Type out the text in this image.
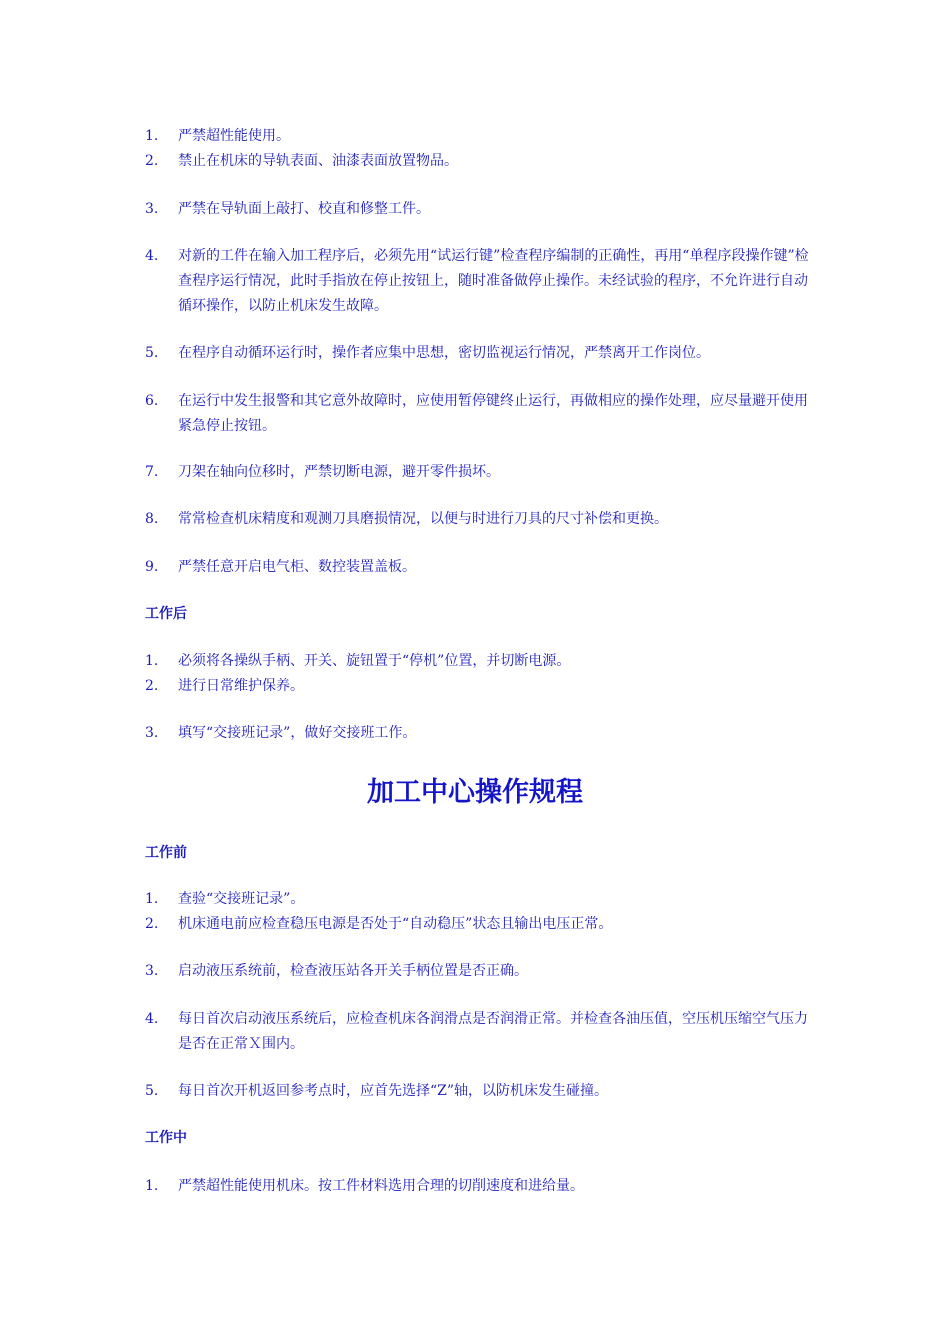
1.	严禁超性能使用。
2.	禁止在机床的导轨表面、油漆表面放置物品。
3.	严禁在导轨面上敲打、校直和修整工件。
4.	对新的工件在输入加工程序后，必须先用“试运行键”检查程序编制的正确性，再用“单程序段操作键”检查程序运行情况，此时手指放在停止按钮上，随时准备做停止操作。未经试验的程序，不允许进行自动循环操作，以防止机床发生故障。
5.	在程序自动循环运行时，操作者应集中思想，密切监视运行情况，严禁离开工作岗位。
6.	在运行中发生报警和其它意外故障时，应使用暂停键终止运行，再做相应的操作处理，应尽量避开使用紧急停止按钮。
7.	刀架在轴向位移时，严禁切断电源，避开零件损坏。
8.	常常检查机床精度和观测刀具磨损情况，以便与时进行刀具的尺寸补偿和更换。
9.	严禁任意开启电气柜、数控装置盖板。
工作后
1.	必须将各操纵手柄、开关、旋钮置于“停机”位置，并切断电源。
2.	进行日常维护保养。
3.	填写“交接班记录”，做好交接班工作。
加工中心操作规程
工作前
1.	查验“交接班记录”。
2.	机床通电前应检查稳压电源是否处于“自动稳压”状态且输出电压正常。
3.	启动液压系统前，检查液压站各开关手柄位置是否正确。
4.	每日首次启动液压系统后，应检查机床各润滑点是否润滑正常。并检查各油压值，空压机压缩空气压力是否在正常Ｘ围内。
5.	每日首次开机返回参考点时，应首先选择“Z”轴，以防机床发生碰撞。
工作中
1.	严禁超性能使用机床。按工件材料选用合理的切削速度和进给量。
